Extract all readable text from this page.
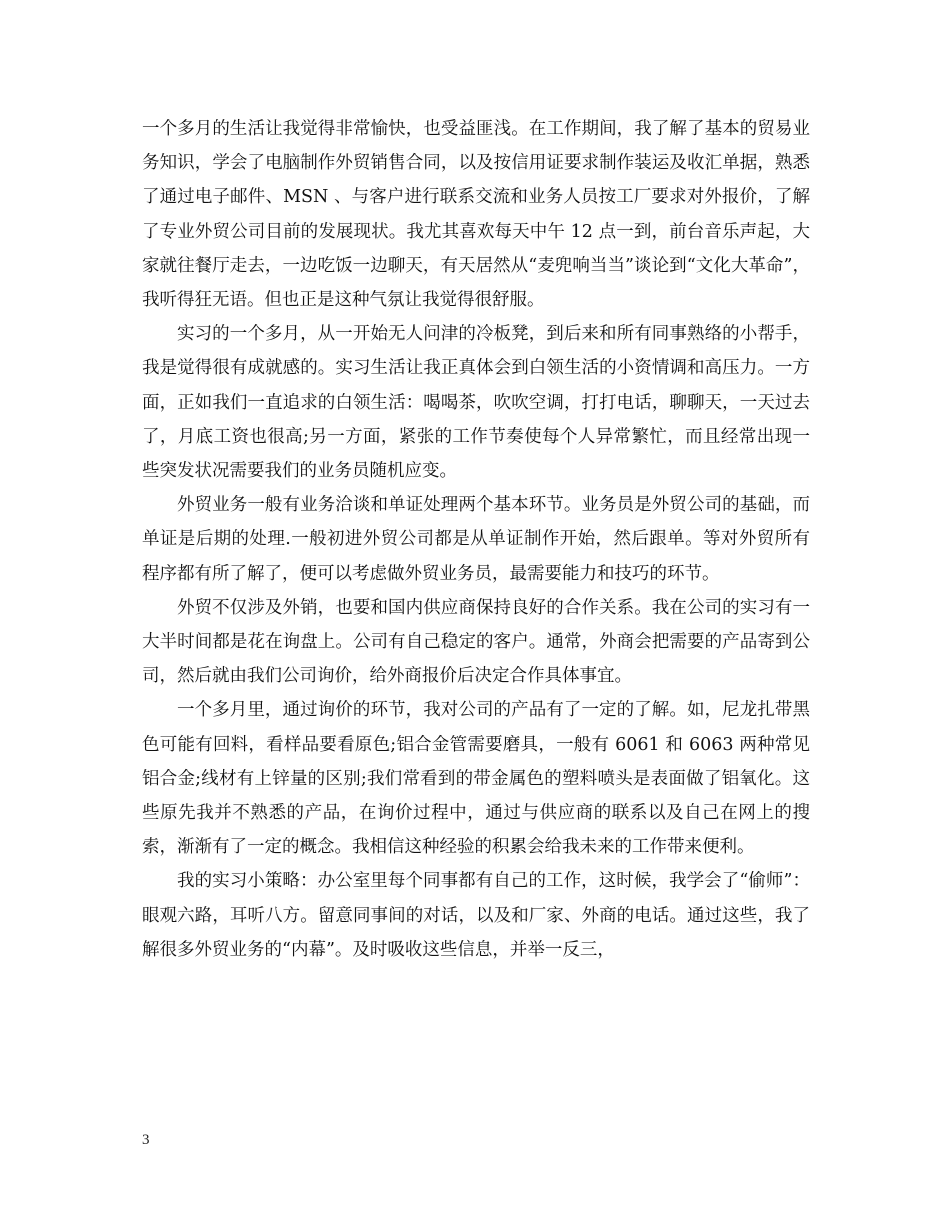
一个多月的生活让我觉得非常愉快，也受益匪浅。在工作期间，我了解了基本的贸易业务知识，学会了电脑制作外贸销售合同，以及按信用证要求制作装运及收汇单据，熟悉了通过电子邮件、MSN 、与客户进行联系交流和业务人员按工厂要求对外报价，了解了专业外贸公司目前的发展现状。我尤其喜欢每天中午 12 点一到，前台音乐声起，大家就往餐厅走去，一边吃饭一边聊天，有天居然从“麦兜响当当”谈论到“文化大革命”，我听得狂无语。但也正是这种气氛让我觉得很舒服。

实习的一个多月，从一开始无人问津的冷板凳，到后来和所有同事熟络的小帮手，我是觉得很有成就感的。实习生活让我正真体会到白领生活的小资情调和高压力。一方面，正如我们一直追求的白领生活：喝喝茶，吹吹空调，打打电话，聊聊天，一天过去了，月底工资也很高;另一方面，紧张的工作节奏使每个人异常繁忙，而且经常出现一些突发状况需要我们的业务员随机应变。

外贸业务一般有业务洽谈和单证处理两个基本环节。业务员是外贸公司的基础，而单证是后期的处理.一般初进外贸公司都是从单证制作开始，然后跟单。等对外贸所有程序都有所了解了，便可以考虑做外贸业务员，最需要能力和技巧的环节。

外贸不仅涉及外销，也要和国内供应商保持良好的合作关系。我在公司的实习有一大半时间都是花在询盘上。公司有自己稳定的客户。通常，外商会把需要的产品寄到公司，然后就由我们公司询价，给外商报价后决定合作具体事宜。

一个多月里，通过询价的环节，我对公司的产品有了一定的了解。如，尼龙扎带黑色可能有回料，看样品要看原色;铝合金管需要磨具，一般有 6061 和 6063 两种常见铝合金;线材有上锌量的区别;我们常看到的带金属色的塑料喷头是表面做了铝氧化。这些原先我并不熟悉的产品，在询价过程中，通过与供应商的联系以及自己在网上的搜索，渐渐有了一定的概念。我相信这种经验的积累会给我未来的工作带来便利。

我的实习小策略：办公室里每个同事都有自己的工作，这时候，我学会了“偷师”：眼观六路，耳听八方。留意同事间的对话，以及和厂家、外商的电话。通过这些，我了解很多外贸业务的“内幕”。及时吸收这些信息，并举一反三，

3
